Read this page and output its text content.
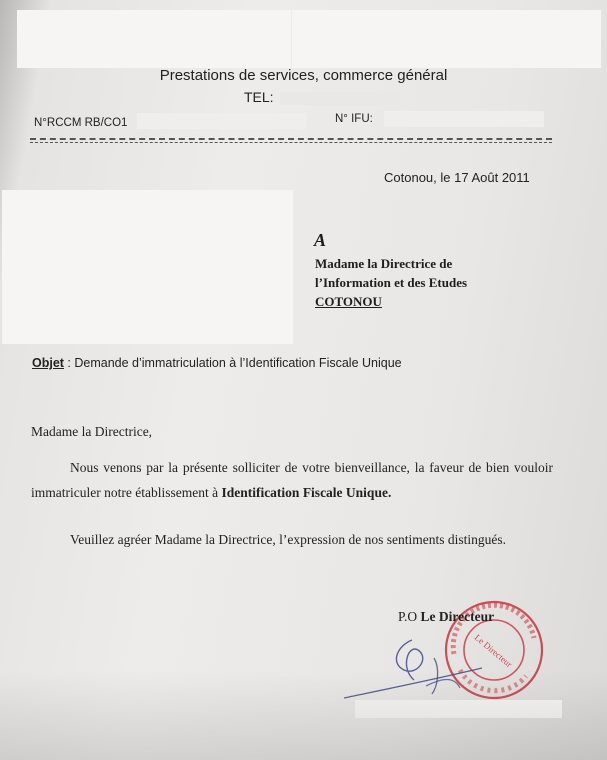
Prestations de services, commerce général
TEL:
N°RCCM RB/CO1	N° IFU:
Cotonou, le 17 Août 2011
A
Madame la Directrice de
l’Information et des Etudes
COTONOU
Objet : Demande d’immatriculation à l’Identification Fiscale Unique
Madame la Directrice,
Nous venons par la présente solliciter de votre bienveillance, la faveur de bien vouloir immatriculer notre établissement à Identification Fiscale Unique.
Veuillez agréer Madame la Directrice, l’expression de nos sentiments distingués.
Le Directeur
P.O Le Directeur
